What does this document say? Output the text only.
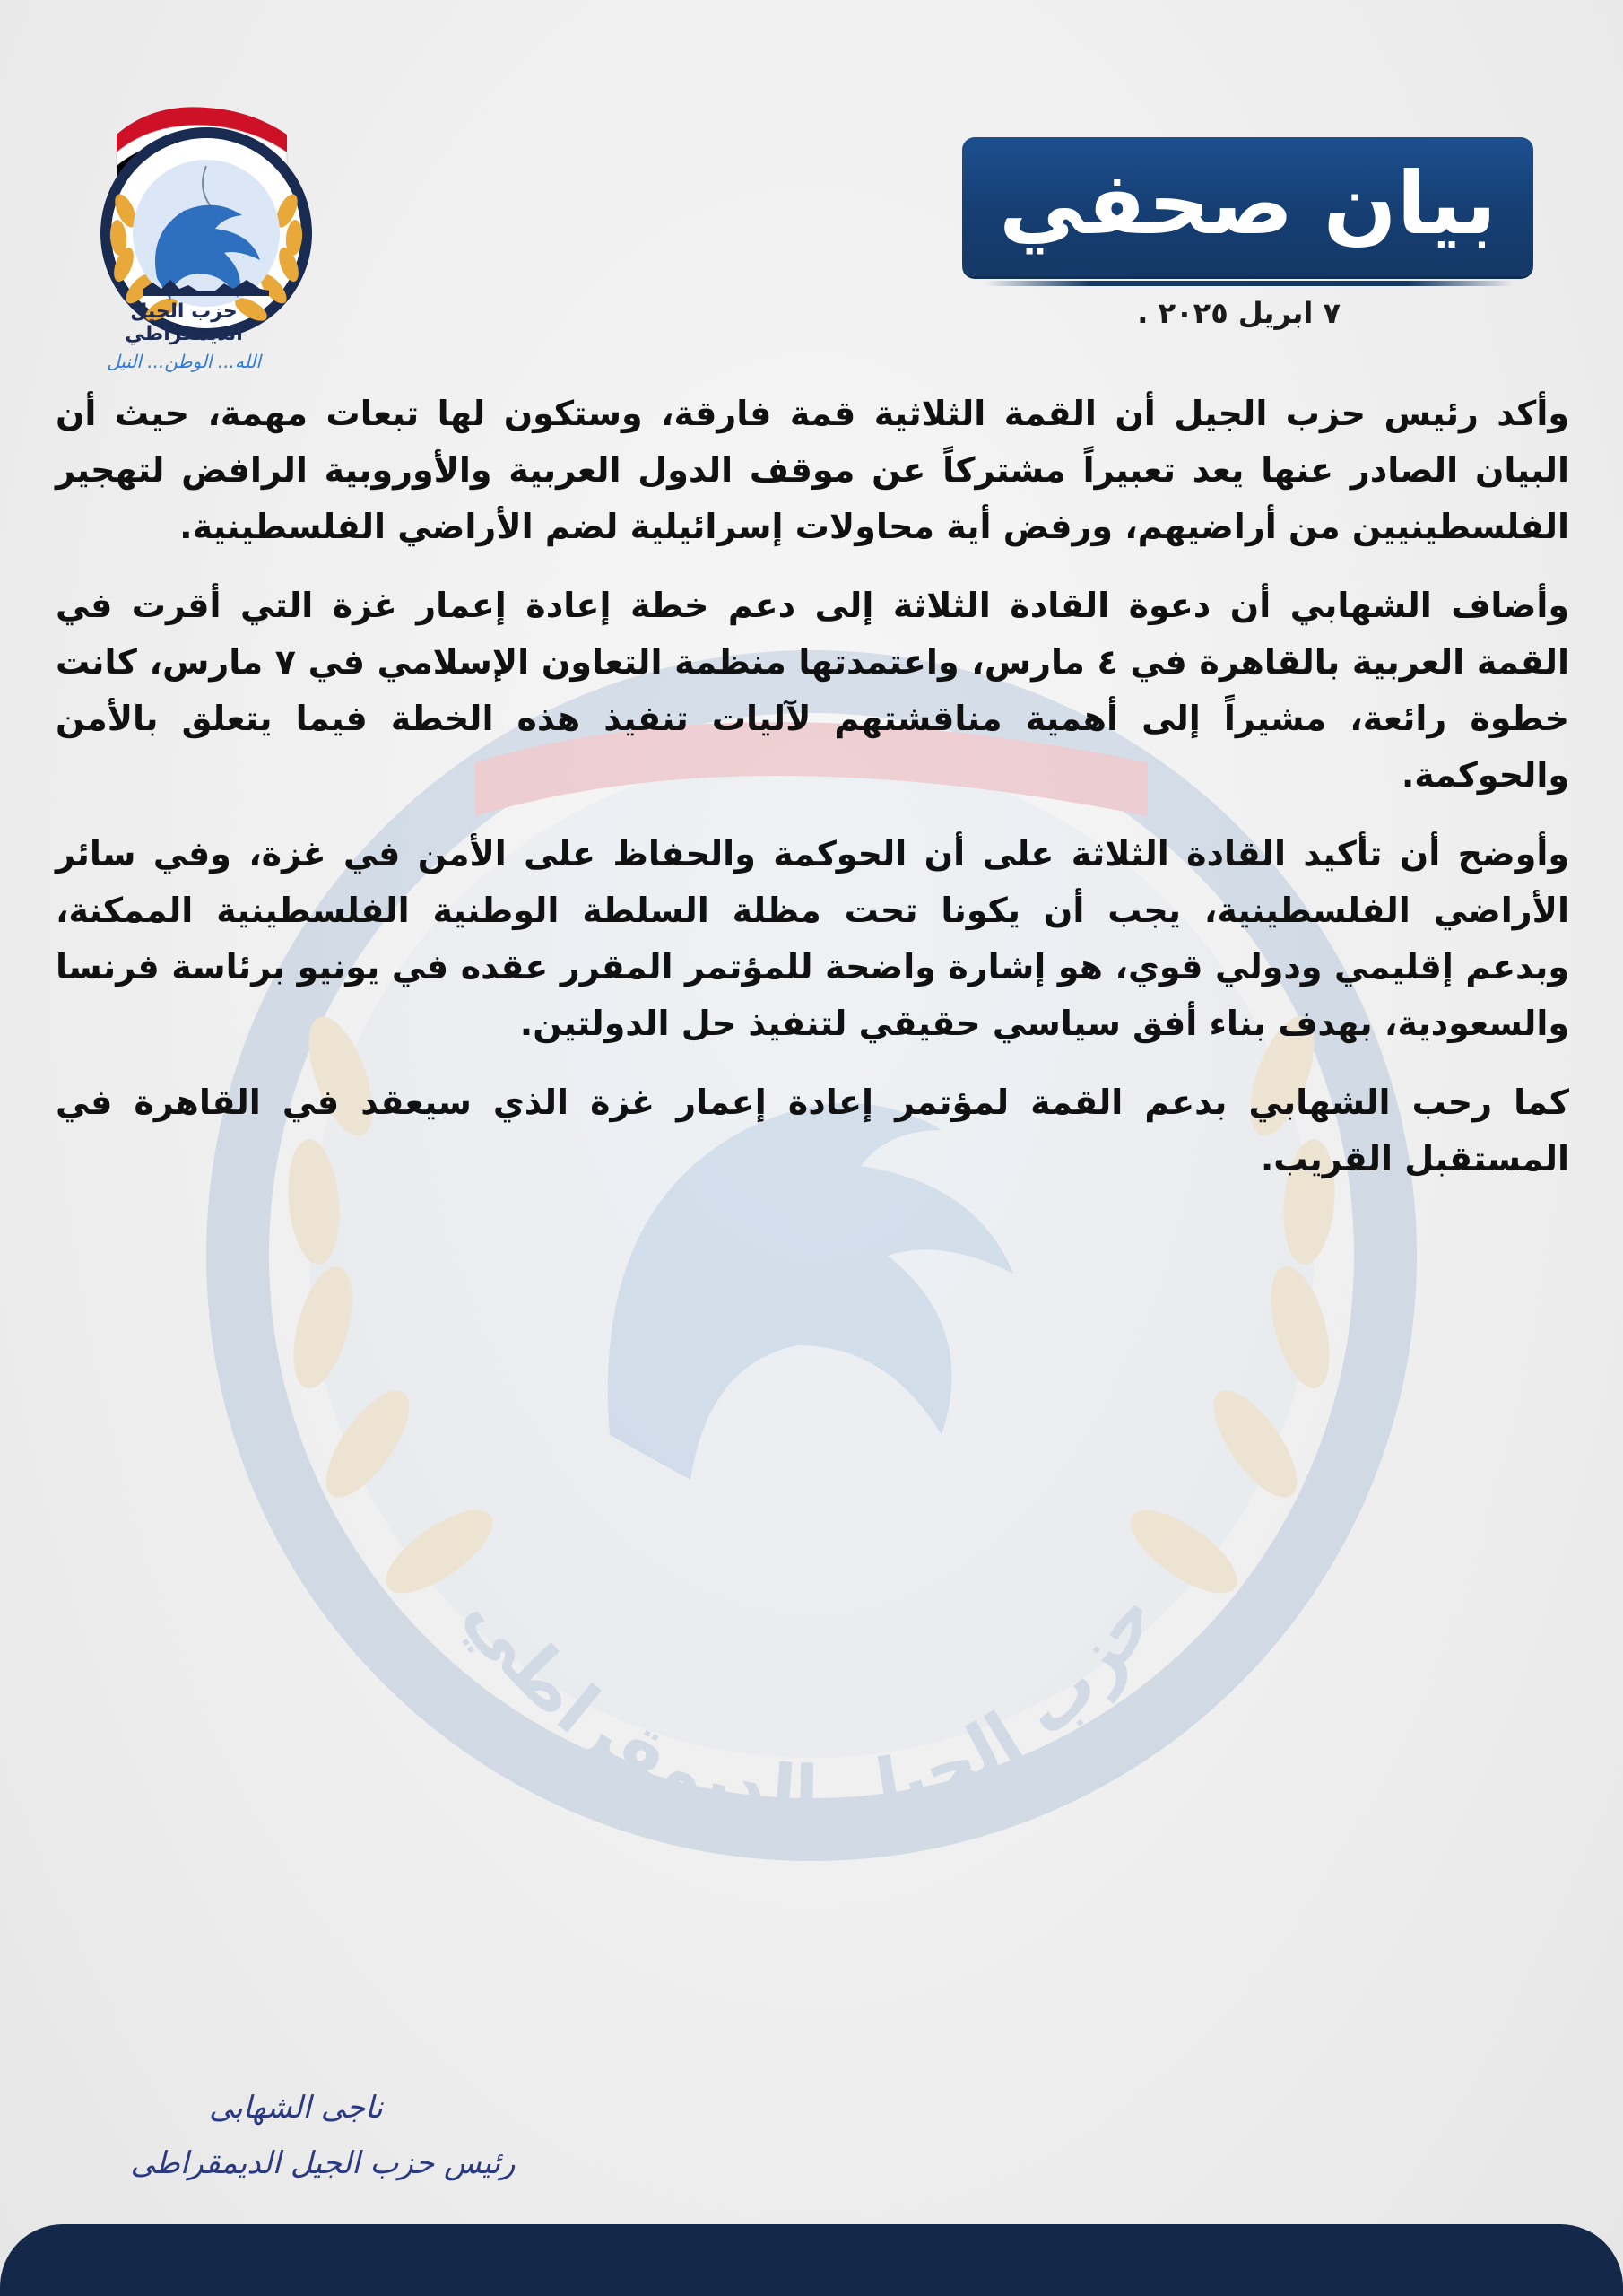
حزب الجيل الديمقراطي
حزب الجيل الديمقراطي
الله... الوطن... النيل
بيان صحفي
٧ ابريل ٢٠٢٥ .

وأكد رئيس حزب الجيل أن القمة الثلاثية قمة فارقة، وستكون لها تبعات مهمة، حيث أن البيان الصادر عنها يعد تعبيراً مشتركاً عن موقف الدول العربية والأوروبية الرافض لتهجير الفلسطينيين من أراضيهم، ورفض أية محاولات إسرائيلية لضم الأراضي الفلسطينية.

وأضاف الشهابي أن دعوة القادة الثلاثة إلى دعم خطة إعادة إعمار غزة التي أقرت في القمة العربية بالقاهرة في ٤ مارس، واعتمدتها منظمة التعاون الإسلامي في ٧ مارس، كانت خطوة رائعة، مشيراً إلى أهمية مناقشتهم لآليات تنفيذ هذه الخطة فيما يتعلق بالأمن والحوكمة.

وأوضح أن تأكيد القادة الثلاثة على أن الحوكمة والحفاظ على الأمن في غزة، وفي سائر الأراضي الفلسطينية، يجب أن يكونا تحت مظلة السلطة الوطنية الفلسطينية الممكنة، وبدعم إقليمي ودولي قوي، هو إشارة واضحة للمؤتمر المقرر عقده في يونيو برئاسة فرنسا والسعودية، بهدف بناء أفق سياسي حقيقي لتنفيذ حل الدولتين.

كما رحب الشهابي بدعم القمة لمؤتمر إعادة إعمار غزة الذي سيعقد في القاهرة في المستقبل القريب.

ناجى الشهابى
رئيس حزب الجيل الديمقراطى
